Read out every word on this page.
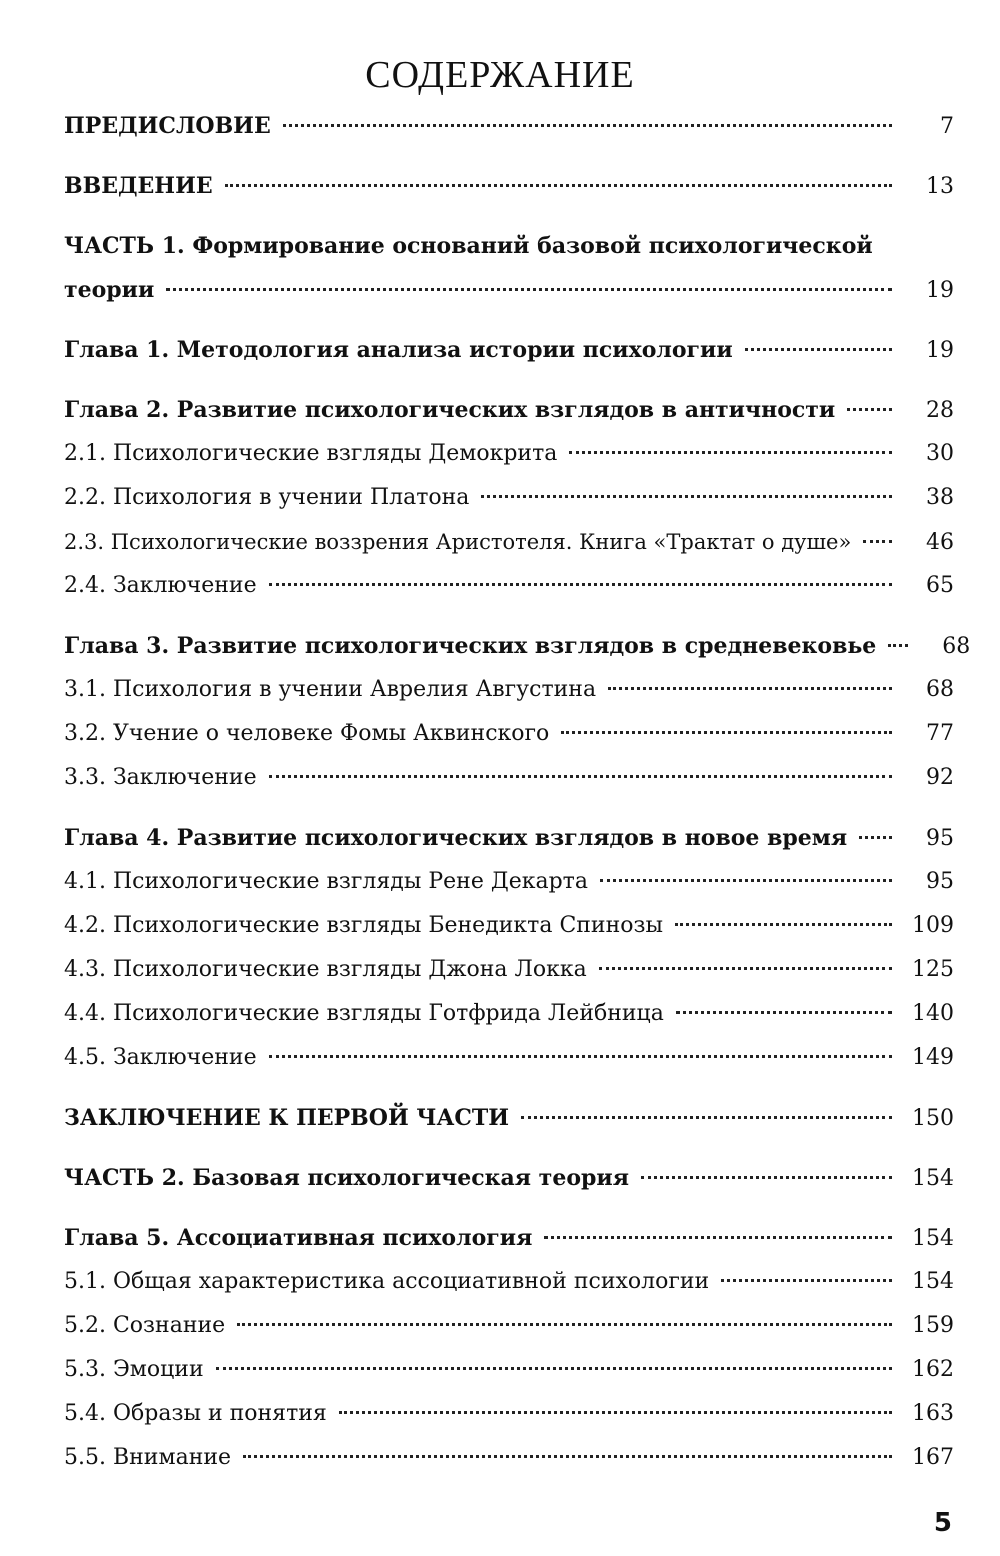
СОДЕРЖАНИЕ
ПРЕДИСЛОВИЕ	7
ВВЕДЕНИЕ	13
ЧАСТЬ 1. Формирование оснований базовой психологической
теории	19
Глава 1. Методология анализа истории психологии	19
Глава 2. Развитие психологических взглядов в античности	28
2.1. Психологические взгляды Демокрита	30
2.2. Психология в учении Платона	38
2.3. Психологические воззрения Аристотеля. Книга «Трактат о душе»	46
2.4. Заключение	65
Глава 3. Развитие психологических взглядов в средневековье	68
3.1. Психология в учении Аврелия Августина	68
3.2. Учение о человеке Фомы Аквинского	77
3.3. Заключение	92
Глава 4. Развитие психологических взглядов в новое время	95
4.1. Психологические взгляды Рене Декарта	95
4.2. Психологические взгляды Бенедикта Спинозы	109
4.3. Психологические взгляды Джона Локка	125
4.4. Психологические взгляды Готфрида Лейбница	140
4.5. Заключение	149
ЗАКЛЮЧЕНИЕ К ПЕРВОЙ ЧАСТИ	150
ЧАСТЬ 2. Базовая психологическая теория	154
Глава 5. Ассоциативная психология	154
5.1. Общая характеристика ассоциативной психологии	154
5.2. Сознание	159
5.3. Эмоции	162
5.4. Образы и понятия	163
5.5. Внимание	167
5
